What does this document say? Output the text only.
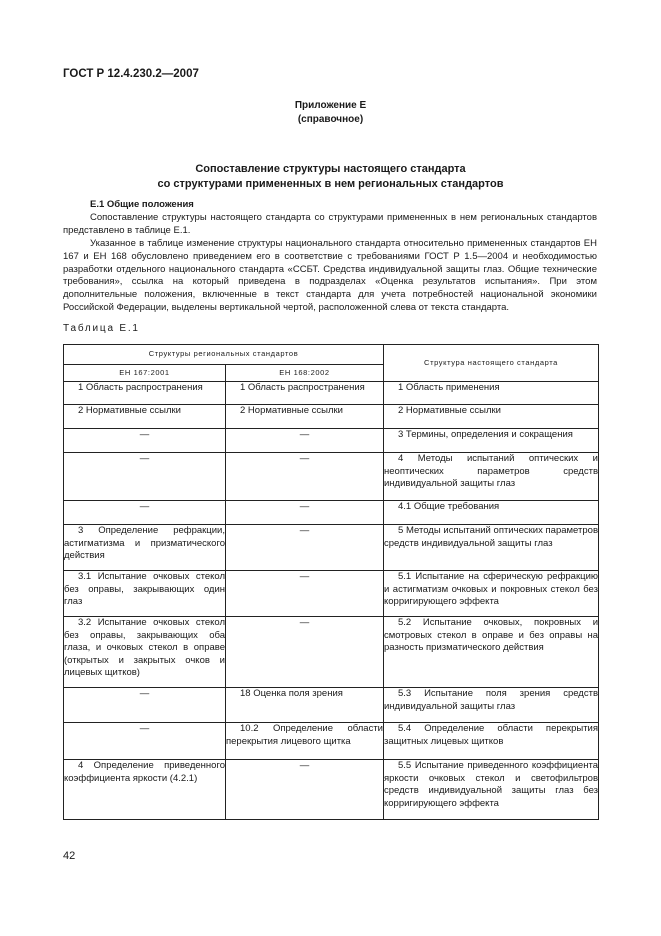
ГОСТ Р 12.4.230.2—2007
Приложение Е
(справочное)
Сопоставление структуры настоящего стандарта
со структурами примененных в нем региональных стандартов

Е.1 Общие положения

Сопоставление структуры настоящего стандарта со структурами примененных в нем региональных стандартов представлено в таблице Е.1.

Указанное в таблице изменение структуры национального стандарта относительно примененных стандартов ЕН 167 и ЕН 168 обусловлено приведением его в соответствие с требованиями ГОСТ Р 1.5—2004 и необходимостью разработки отдельного национального стандарта «ССБТ. Средства индивидуальной защиты глаз. Общие технические требования», ссылка на который приведена в подразделах «Оценка результатов испытания». При этом дополнительные положения, включенные в текст стандарта для учета потребностей национальной экономики Российской Федерации, выделены вертикальной чертой, расположенной слева от текста стандарта.

Таблица Е.1
Структуры региональных стандартов		Структура настоящего стандарта
ЕН 167:2001	ЕН 168:2002	
1 Область распространения	1 Область распространения	1 Область применения
2 Нормативные ссылки	2 Нормативные ссылки	2 Нормативные ссылки
—	—	3 Термины, определения и сокращения
—	—	4 Методы испытаний оптических и неоптических параметров средств индивидуальной защиты глаз
—	—	4.1 Общие требования
3 Определение рефракции, астигматизма и призматического действия	—	5 Методы испытаний оптических параметров средств индивидуальной защиты глаз
3.1 Испытание очковых стекол без оправы, закрывающих один глаз	—	5.1 Испытание на сферическую рефракцию и астигматизм очковых и покровных стекол без корригирующего эффекта
3.2 Испытание очковых стекол без оправы, закрывающих оба глаза, и очковых стекол в оправе (открытых и закрытых очков и лицевых щитков)	—	5.2 Испытание очковых, покровных и смотровых стекол в оправе и без оправы на разность призматического действия
—	18 Оценка поля зрения	5.3 Испытание поля зрения средств индивидуальной защиты глаз
—	10.2 Определение области перекрытия лицевого щитка	5.4 Определение области перекрытия защитных лицевых щитков
4 Определение приведенного коэффициента яркости (4.2.1)	—	5.5 Испытание приведенного коэффициента яркости очковых стекол и светофильтров средств индивидуальной защиты глаз без корригирующего эффекта
42
